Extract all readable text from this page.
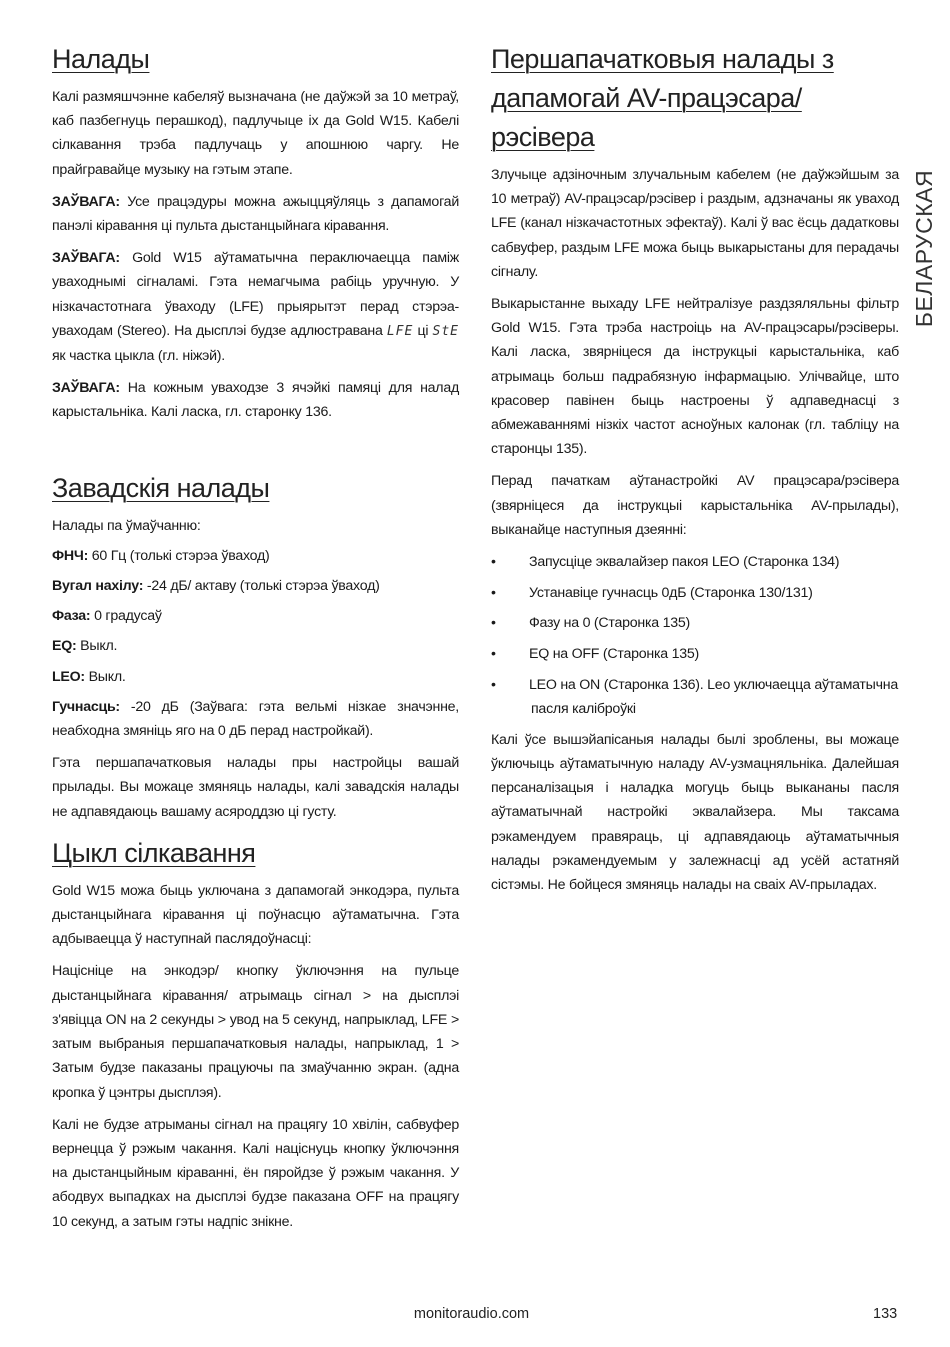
БЕЛАРУСКАЯ
Налады

Калі размяшчэнне кабеляў вызначана (не даўжэй за 10 метраў, каб пазбегнуць перашкод), падлучыце іх да Gold W15. Кабелі сілкавання трэба падлучаць у апошнюю чаргу. Не прайгравайце музыку на гэтым этапе.

ЗАЎВАГА: Усе працэдуры можна ажыццяўляць з дапамогай панэлі кіравання ці пульта дыстанцыйнага кіравання.

ЗАЎВАГА: Gold W15 аўтаматычна пераключаецца паміж уваходнымі сігналамі. Гэта немагчыма рабіць уручную. У нізкачастотнага ўваходу (LFE) прыярытэт перад стэрэа-уваходам (Stereo). На дысплэі будзе адлюстравана LFE ці StE як частка цыкла (гл. ніжэй).

ЗАЎВАГА: На кожным уваходзе 3 ячэйкі памяці для налад карыстальніка. Калі ласка, гл. старонку 136.

Завадскія налады

Налады па ўмаўчанню:

ФНЧ: 60 Гц (толькі стэрэа ўваход)

Вугал нахілу: -24 дБ/ актаву (толькі стэрэа ўваход)

Фаза: 0 градусаў

EQ: Выкл.

LEO: Выкл.

Гучнасць: -20 дБ (Заўвага: гэта вельмі нізкае значэнне, неабходна змяніць яго на 0 дБ перад настройкай).

Гэта першапачатковыя налады пры настройцы вашай прылады. Вы можаце змяняць налады, калі завадскія налады не адпавядаюць вашаму асяроддзю ці густу.

Цыкл сілкавання

Gold W15 можа быць уключана з дапамогай энкодэра, пульта дыстанцыйнага кіравання ці поўнасцю аўтаматычна. Гэта адбываецца ў наступнай паслядоўнасці:

Націсніце на энкодэр/ кнопку ўключэння на пульце дыстанцыйнага кіравання/ атрымаць сігнал > на дысплэі з'явіцца ON на 2 секунды > увод на 5 секунд, напрыклад, LFE > затым выбраныя першапачатковыя налады, напрыклад, 1 > Затым будзе паказаны працуючы па змаўчанню экран. (адна кропка ў цэнтры дысплэя).

Калі не будзе атрыманы сігнал на працягу 10 хвілін, сабвуфер вернецца ў рэжым чакання. Калі націснуць кнопку ўключэння на дыстанцыйным кіраванні, ён пяройдзе ў рэжым чакання. У абодвух выпадках на дысплэі будзе паказана OFF на працягу 10 секунд, а затым гэты надпіс знікне.

Першапачатковыя налады з дапамогай AV-працэсара/рэсівера

Злучыце адзіночным злучальным кабелем (не даўжэйшым за 10 метраў) AV-працэсар/рэсівер і раздым, адзначаны як уваход LFE (канал нізкачастотных эфектаў). Калі ў вас ёсць дадатковы сабвуфер, раздым LFE можа быць выкарыстаны для перадачы сігналу.

Выкарыстанне выхаду LFE нейтралізуе раздзяляльны фільтр Gold W15. Гэта трэба настроіць на AV-працэсары/рэсіверы. Калі ласка, звярніцеся да інструкцыі карыстальніка, каб атрымаць больш падрабязную інфармацыю. Улічвайце, што красовер павінен быць настроены ў адпаведнасці з абмежаваннямі нізкіх частот асноўных калонак (гл. табліцу на старонцы 135).

Перад пачаткам аўтанастройкі AV працэсара/рэсівера (звярніцеся да інструкцыі карыстальніка AV-прылады), выканайце наступныя дзеянні:

• Запусціце эквалайзер пакоя LEO (Старонка 134)
• Устанавіце гучнасць 0дБ (Старонка 130/131)
• Фазу на 0 (Старонка 135)
• EQ на OFF (Старонка 135)
• LEO на ON (Старонка 136). Leo уключаецца аўтаматычна
пасля каліброўкі

Калі ўсе вышэйапісаныя налады былі зроблены, вы можаце ўключыць аўтаматычную наладу AV-узмацняльніка. Далейшая персаналізацыя і наладка могуць быць выкананы пасля аўтаматычнай настройкі эквалайзера. Мы таксама рэкамендуем правяраць, ці адпавядаюць аўтаматычныя налады рэкамендуемым у залежнасці ад усёй астатняй сістэмы. Не бойцеся змяняць налады на сваіх AV-прыладах.

monitoraudio.com	133
